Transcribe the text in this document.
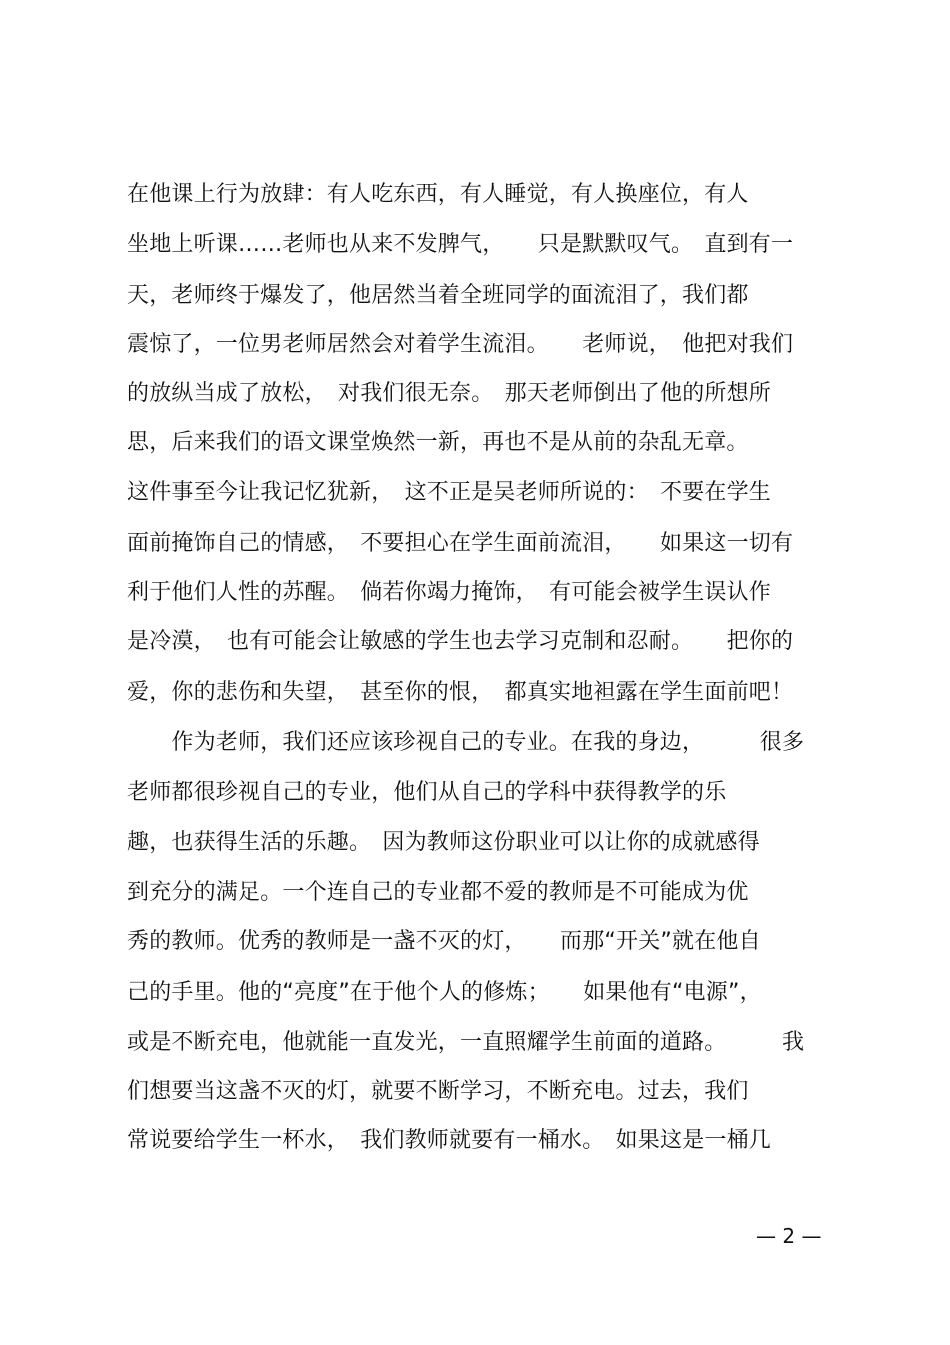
在他课上行为放肆：有人吃东西，有人睡觉，有人换座位，有人
坐地上听课……老师也从来不发脾气，　　只是默默叹气。　直到有一
天，老师终于爆发了，他居然当着全班同学的面流泪了，我们都
震惊了，一位男老师居然会对着学生流泪。　　老师说，　他把对我们
的放纵当成了放松，　对我们很无奈。　那天老师倒出了他的所想所
思，后来我们的语文课堂焕然一新，再也不是从前的杂乱无章。
这件事至今让我记忆犹新，　这不正是吴老师所说的：　不要在学生
面前掩饰自己的情感，　不要担心在学生面前流泪，　　如果这一切有
利于他们人性的苏醒。　倘若你竭力掩饰，　有可能会被学生误认作
是冷漠，　也有可能会让敏感的学生也去学习克制和忍耐。　　把你的
爱，你的悲伤和失望，　甚至你的恨，　都真实地袒露在学生面前吧！
　　作为老师，我们还应该珍视自己的专业。在我的身边，　　　很多
老师都很珍视自己的专业，他们从自己的学科中获得教学的乐
趣，也获得生活的乐趣。　因为教师这份职业可以让你的成就感得
到充分的满足。一个连自己的专业都不爱的教师是不可能成为优
秀的教师。优秀的教师是一盏不灭的灯，　　而那“开关”就在他自
己的手里。他的“亮度”在于他个人的修炼；　　如果他有“电源”，
或是不断充电，他就能一直发光，一直照耀学生前面的道路。　　　我
们想要当这盏不灭的灯，就要不断学习，不断充电。过去，我们
常说要给学生一杯水，　我们教师就要有一桶水。　如果这是一桶几
— 2 —
